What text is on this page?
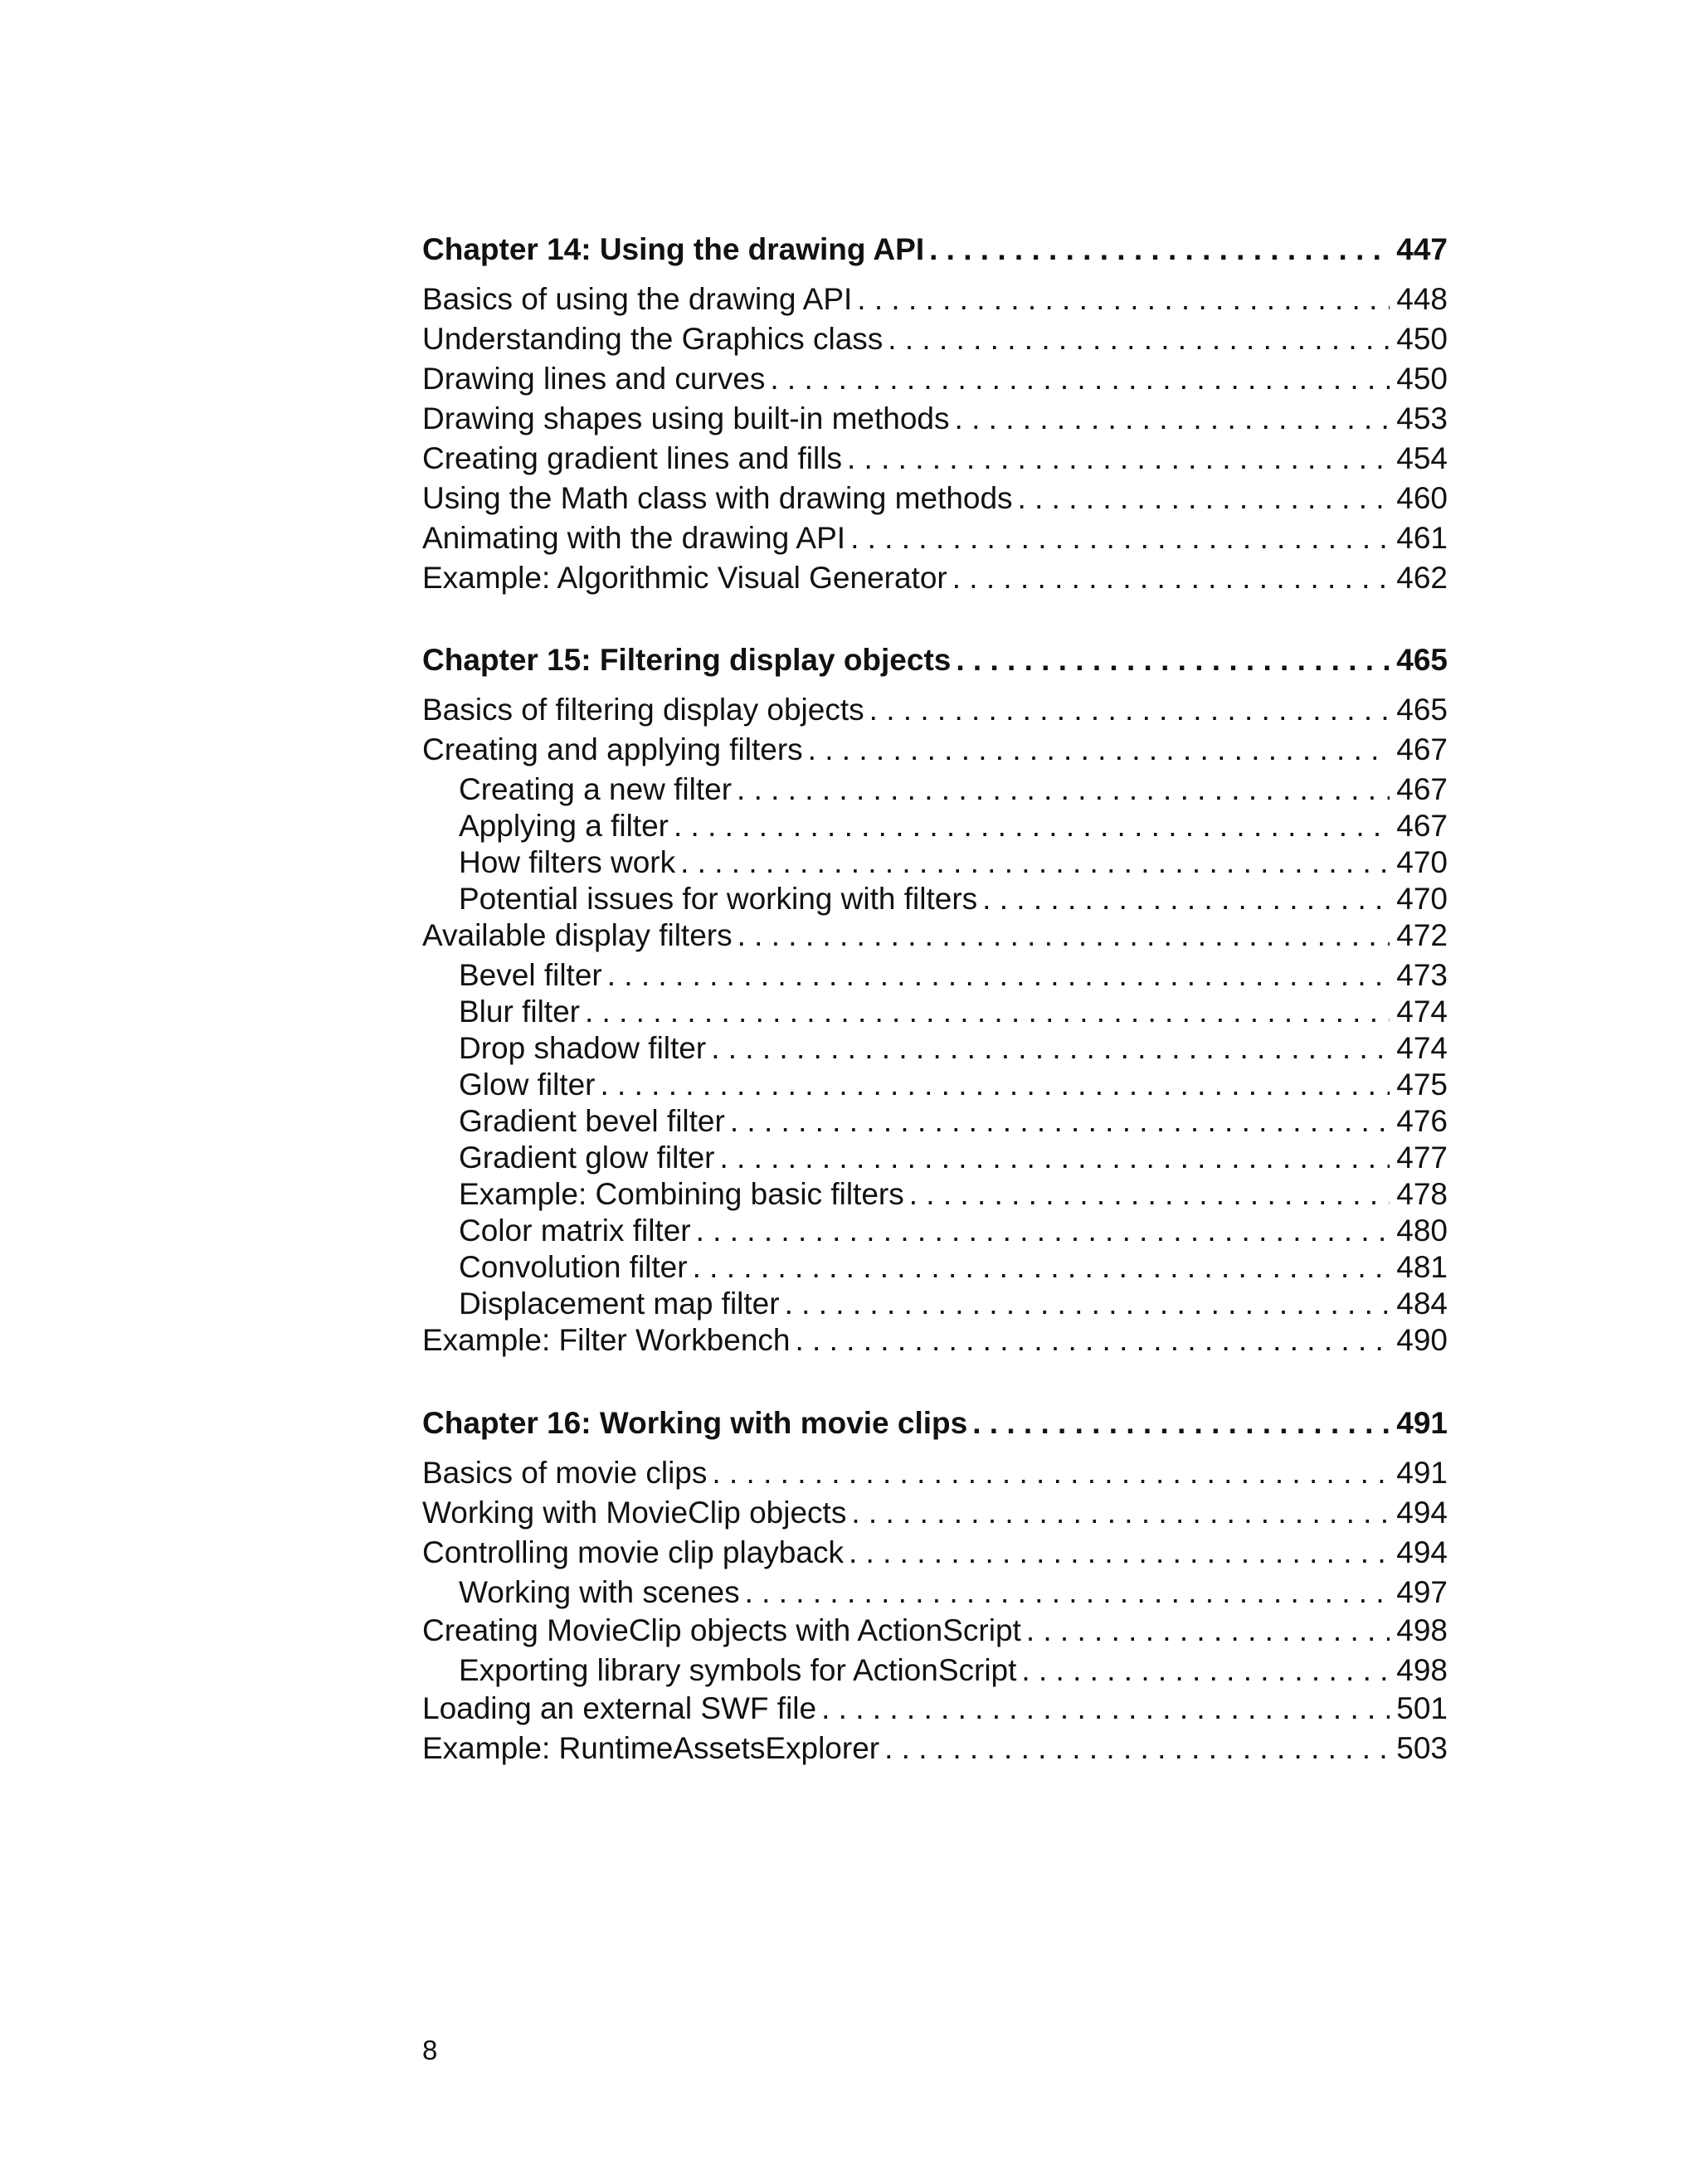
Chapter 14: Using the drawing API . . .	447
Basics of using the drawing API . . .	448
Understanding the Graphics class . . .	450
Drawing lines and curves . . .	450
Drawing shapes using built-in methods . . .	453
Creating gradient lines and fills . . .	454
Using the Math class with drawing methods . . .	460
Animating with the drawing API . . .	461
Example: Algorithmic Visual Generator . . .	462
Chapter 15: Filtering display objects . . .	465
Basics of filtering display objects . . .	465
Creating and applying filters . . .	467
Creating a new filter . . .	467
Applying a filter . . .	467
How filters work . . .	470
Potential issues for working with filters . . .	470
Available display filters . . .	472
Bevel filter . . .	473
Blur filter . . .	474
Drop shadow filter . . .	474
Glow filter . . .	475
Gradient bevel filter . . .	476
Gradient glow filter . . .	477
Example: Combining basic filters . . .	478
Color matrix filter . . .	480
Convolution filter . . .	481
Displacement map filter . . .	484
Example: Filter Workbench . . .	490
Chapter 16: Working with movie clips . . .	491
Basics of movie clips . . .	491
Working with MovieClip objects . . .	494
Controlling movie clip playback . . .	494
Working with scenes . . .	497
Creating MovieClip objects with ActionScript . . .	498
Exporting library symbols for ActionScript . . .	498
Loading an external SWF file . . .	501
Example: RuntimeAssetsExplorer . . .	503
8
